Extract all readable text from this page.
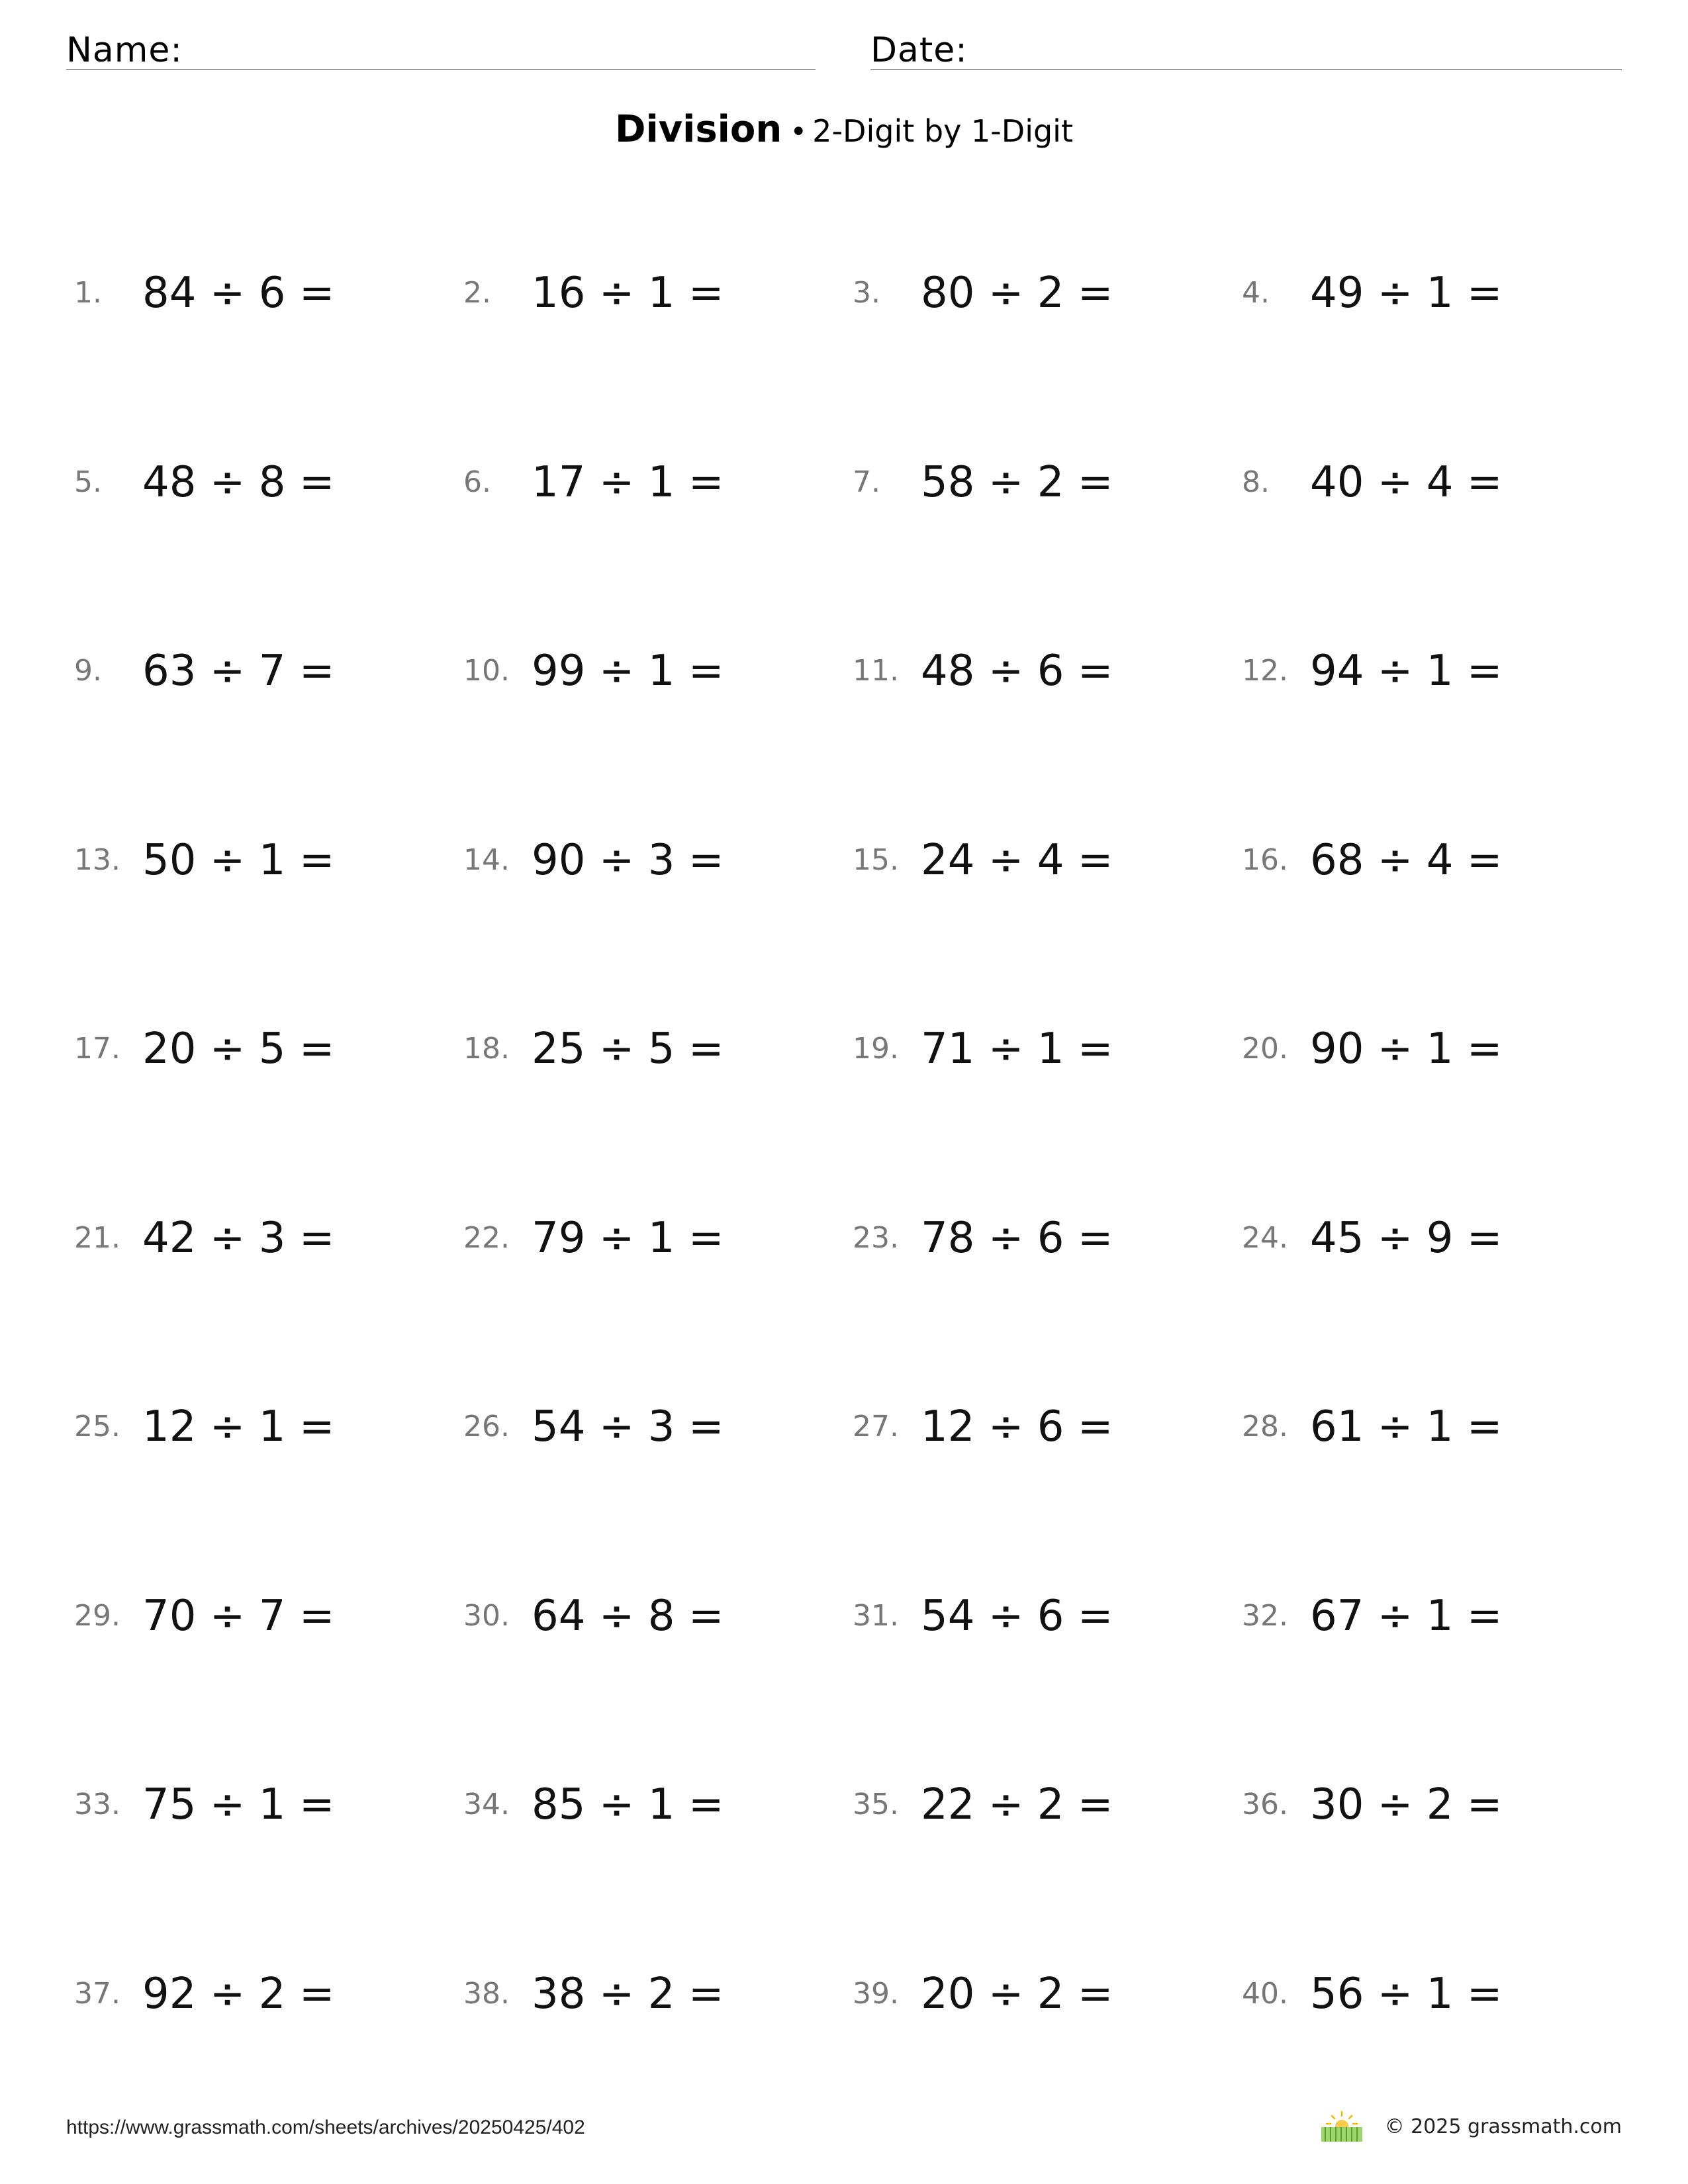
Name:	Date:
Division • 2-Digit by 1-Digit
1. 84 ÷ 6 =	2. 16 ÷ 1 =	3. 80 ÷ 2 =	4. 49 ÷ 1 =
5. 48 ÷ 8 =	6. 17 ÷ 1 =	7. 58 ÷ 2 =	8. 40 ÷ 4 =
9. 63 ÷ 7 =	10. 99 ÷ 1 =	11. 48 ÷ 6 =	12. 94 ÷ 1 =
13. 50 ÷ 1 =	14. 90 ÷ 3 =	15. 24 ÷ 4 =	16. 68 ÷ 4 =
17. 20 ÷ 5 =	18. 25 ÷ 5 =	19. 71 ÷ 1 =	20. 90 ÷ 1 =
21. 42 ÷ 3 =	22. 79 ÷ 1 =	23. 78 ÷ 6 =	24. 45 ÷ 9 =
25. 12 ÷ 1 =	26. 54 ÷ 3 =	27. 12 ÷ 6 =	28. 61 ÷ 1 =
29. 70 ÷ 7 =	30. 64 ÷ 8 =	31. 54 ÷ 6 =	32. 67 ÷ 1 =
33. 75 ÷ 1 =	34. 85 ÷ 1 =	35. 22 ÷ 2 =	36. 30 ÷ 2 =
37. 92 ÷ 2 =	38. 38 ÷ 2 =	39. 20 ÷ 2 =	40. 56 ÷ 1 =
https://www.grassmath.com/sheets/archives/20250425/402	© 2025 grassmath.com
